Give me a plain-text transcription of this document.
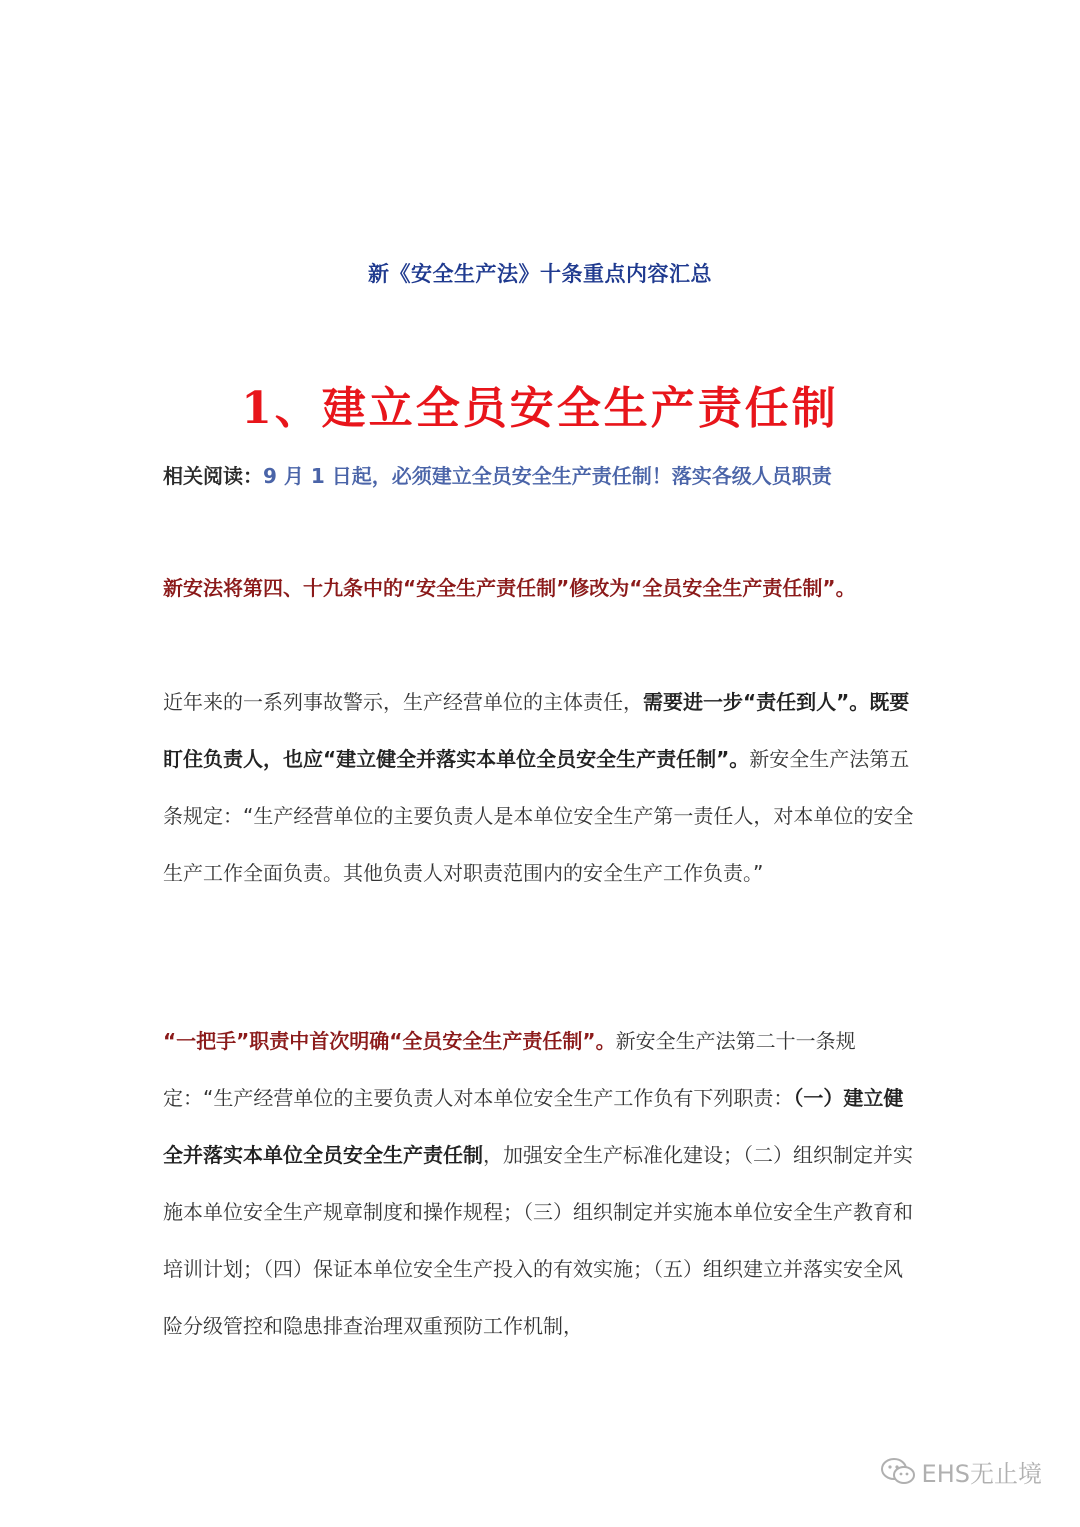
新《安全生产法》十条重点内容汇总
1、建立全员安全生产责任制
相关阅读：9 月 1 日起，必须建立全员安全生产责任制！落实各级人员职责
新安法将第四、十九条中的“安全生产责任制”修改为“全员安全生产责任制”。
近年来的一系列事故警示，生产经营单位的主体责任，需要进一步“责任到人”。既要盯住负责人，也应“建立健全并落实本单位全员安全生产责任制”。新安全生产法第五条规定：“生产经营单位的主要负责人是本单位安全生产第一责任人，对本单位的安全生产工作全面负责。其他负责人对职责范围内的安全生产工作负责。”
“一把手”职责中首次明确“全员安全生产责任制”。新安全生产法第二十一条规定：“生产经营单位的主要负责人对本单位安全生产工作负有下列职责：（一）建立健全并落实本单位全员安全生产责任制，加强安全生产标准化建设；（二）组织制定并实施本单位安全生产规章制度和操作规程；（三）组织制定并实施本单位安全生产教育和培训计划；（四）保证本单位安全生产投入的有效实施；（五）组织建立并落实安全风险分级管控和隐患排查治理双重预防工作机制，
EHS无止境
